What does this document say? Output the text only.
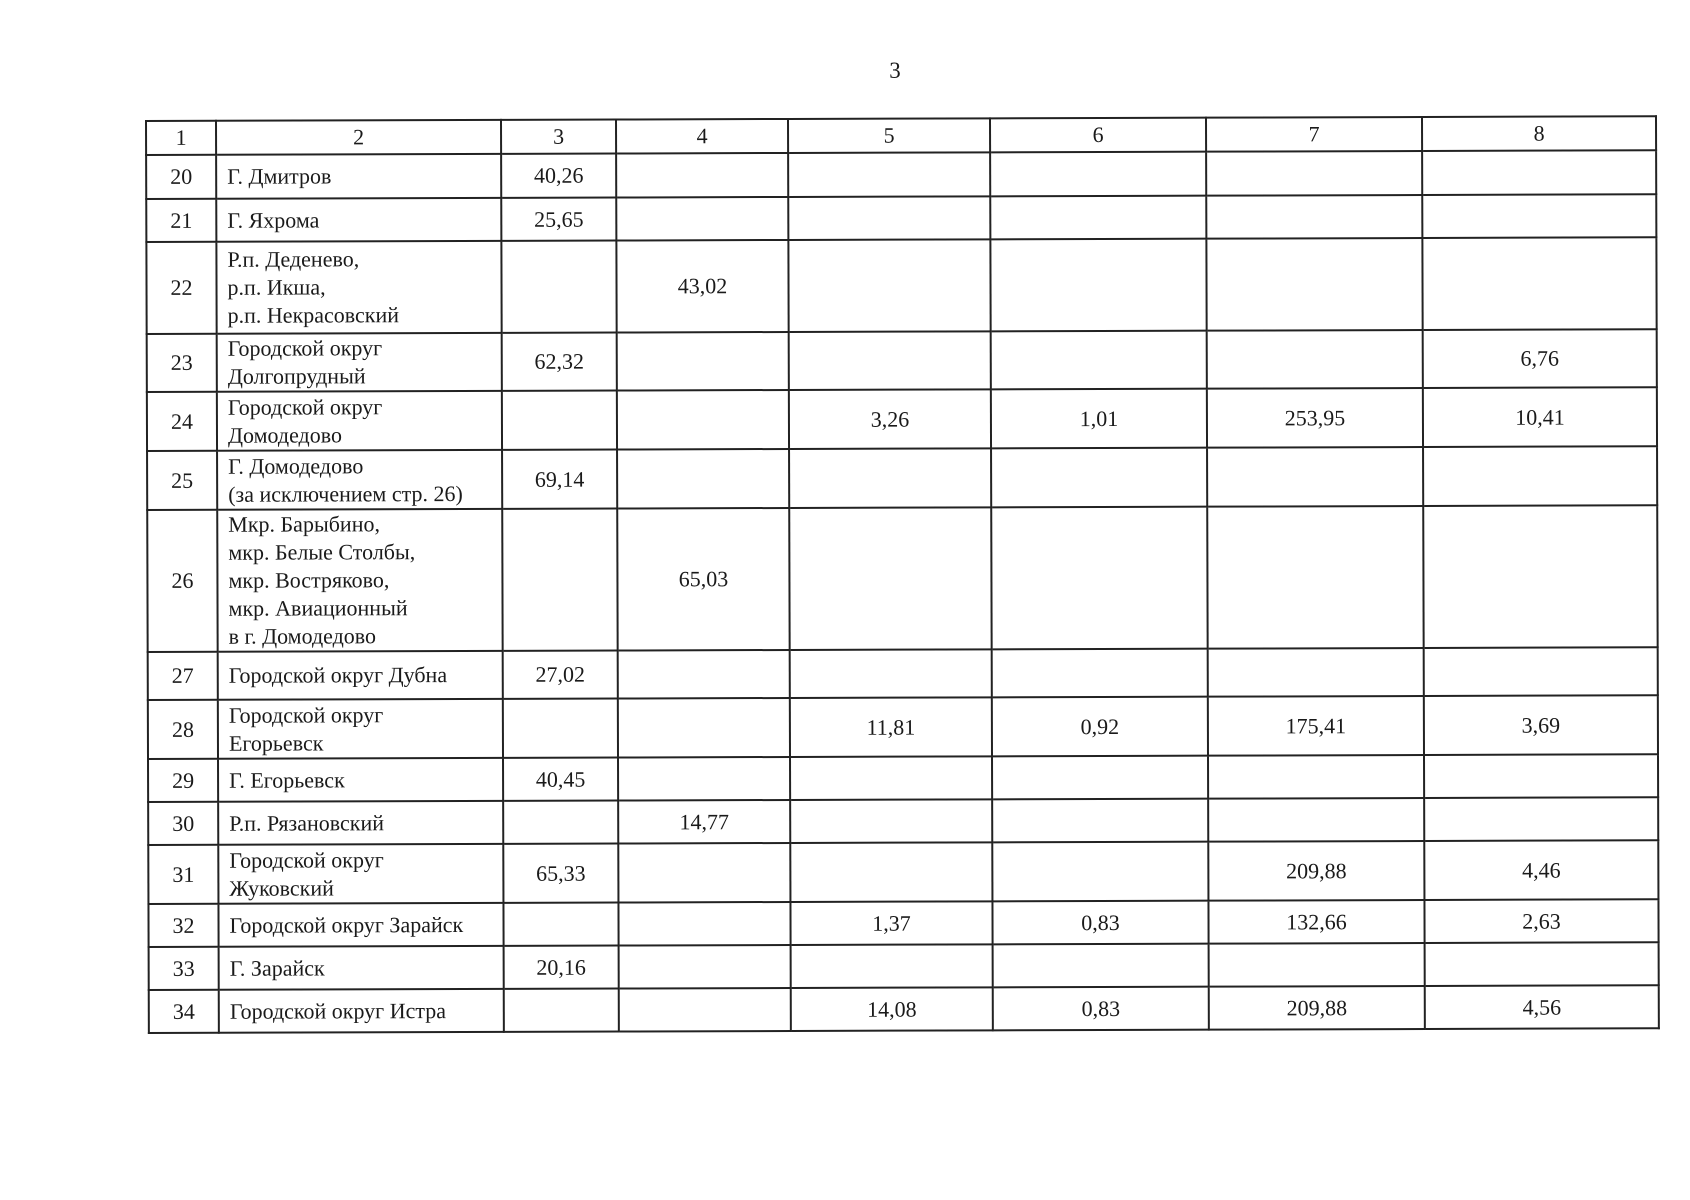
3
1	2	3	4	5	6	7	8
20	Г. Дмитров	40,26					
21	Г. Яхрома	25,65					
22	Р.п. Деденево,
р.п. Икша,
р.п. Некрасовский		43,02				
23	Городской округ
Долгопрудный	62,32					6,76
24	Городской округ
Домодедово			3,26	1,01	253,95	10,41
25	Г. Домодедово
(за исключением стр. 26)	69,14					
26	Мкр. Барыбино,
мкр. Белые Столбы,
мкр. Востряково,
мкр. Авиационный
в г. Домодедово		65,03				
27	Городской округ Дубна	27,02					
28	Городской округ
Егорьевск			11,81	0,92	175,41	3,69
29	Г. Егорьевск	40,45					
30	Р.п. Рязановский		14,77				
31	Городской округ
Жуковский	65,33				209,88	4,46
32	Городской округ Зарайск			1,37	0,83	132,66	2,63
33	Г. Зарайск	20,16					
34	Городской округ Истра			14,08	0,83	209,88	4,56
